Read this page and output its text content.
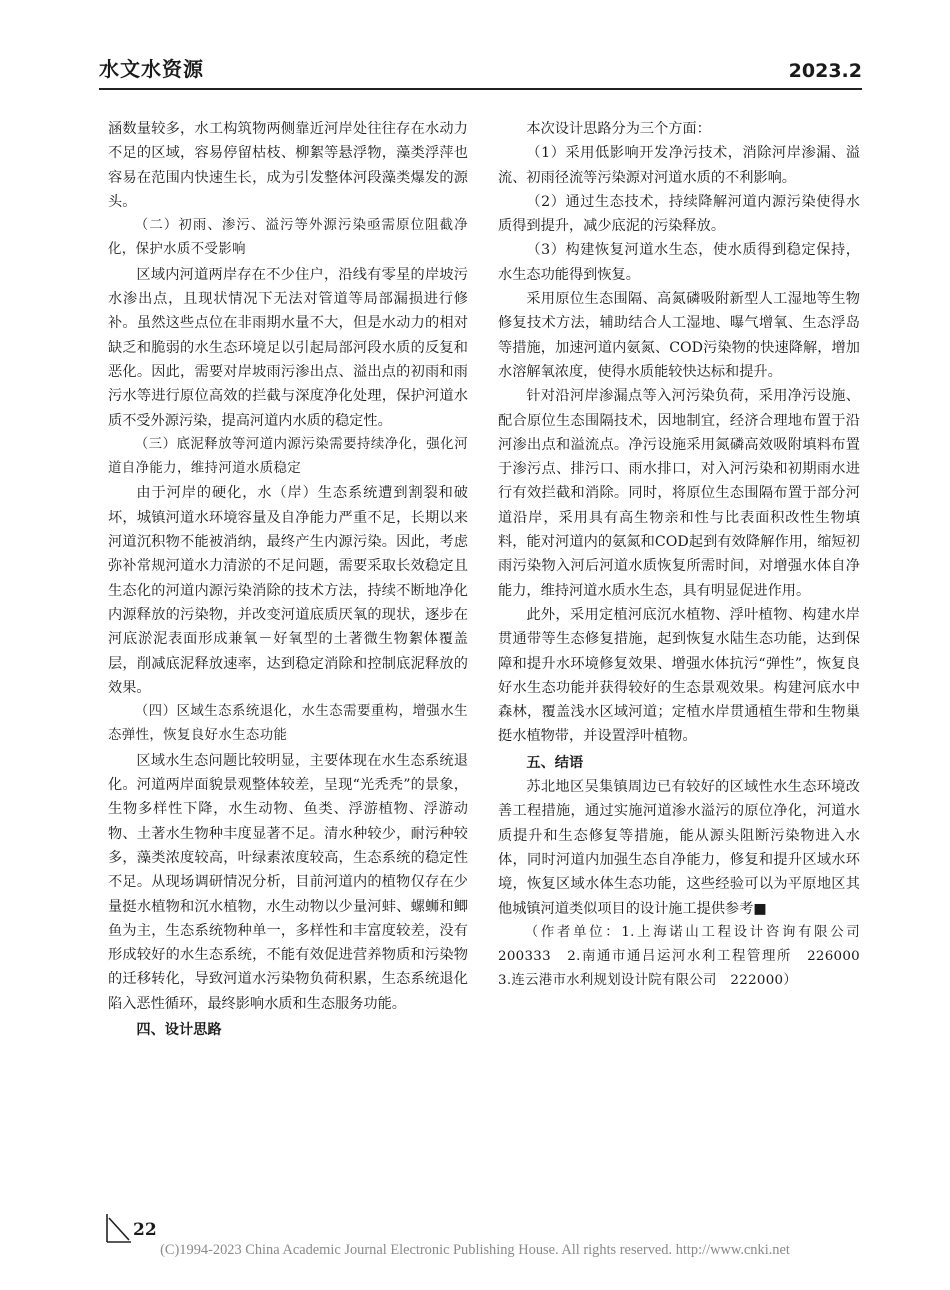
水文水资源	2023.2

涵数量较多，水工构筑物两侧靠近河岸处往往存在水动力不足的区域，容易停留枯枝、柳絮等悬浮物，藻类浮萍也容易在范围内快速生长，成为引发整体河段藻类爆发的源头。

（二）初雨、渗污、溢污等外源污染亟需原位阻截净化，保护水质不受影响

区域内河道两岸存在不少住户，沿线有零星的岸坡污水渗出点，且现状情况下无法对管道等局部漏损进行修补。虽然这些点位在非雨期水量不大，但是水动力的相对缺乏和脆弱的水生态环境足以引起局部河段水质的反复和恶化。因此，需要对岸坡雨污渗出点、溢出点的初雨和雨污水等进行原位高效的拦截与深度净化处理，保护河道水质不受外源污染，提高河道内水质的稳定性。

（三）底泥释放等河道内源污染需要持续净化，强化河道自净能力，维持河道水质稳定

由于河岸的硬化，水（岸）生态系统遭到割裂和破坏，城镇河道水环境容量及自净能力严重不足，长期以来河道沉积物不能被消纳，最终产生内源污染。因此，考虑弥补常规河道水力清淤的不足问题，需要采取长效稳定且生态化的河道内源污染消除的技术方法，持续不断地净化内源释放的污染物，并改变河道底质厌氧的现状，逐步在河底淤泥表面形成兼氧－好氧型的土著微生物絮体覆盖层，削减底泥释放速率，达到稳定消除和控制底泥释放的效果。

（四）区域生态系统退化，水生态需要重构，增强水生态弹性，恢复良好水生态功能

区域水生态问题比较明显，主要体现在水生态系统退化。河道两岸面貌景观整体较差，呈现“光秃秃”的景象，生物多样性下降，水生动物、鱼类、浮游植物、浮游动物、土著水生物种丰度显著不足。清水种较少，耐污种较多，藻类浓度较高，叶绿素浓度较高，生态系统的稳定性不足。从现场调研情况分析，目前河道内的植物仅存在少量挺水植物和沉水植物，水生动物以少量河蚌、螺蛳和鲫鱼为主，生态系统物种单一，多样性和丰富度较差，没有形成较好的水生态系统，不能有效促进营养物质和污染物的迁移转化，导致河道水污染物负荷积累，生态系统退化陷入恶性循环，最终影响水质和生态服务功能。

四、设计思路

本次设计思路分为三个方面：

（1）采用低影响开发净污技术，消除河岸渗漏、溢流、初雨径流等污染源对河道水质的不利影响。

（2）通过生态技术，持续降解河道内源污染使得水质得到提升，减少底泥的污染释放。

（3）构建恢复河道水生态，使水质得到稳定保持，水生态功能得到恢复。

采用原位生态围隔、高氮磷吸附新型人工湿地等生物修复技术方法，辅助结合人工湿地、曝气增氧、生态浮岛等措施，加速河道内氨氮、COD污染物的快速降解，增加水溶解氧浓度，使得水质能较快达标和提升。

针对沿河岸渗漏点等入河污染负荷，采用净污设施、配合原位生态围隔技术，因地制宜，经济合理地布置于沿河渗出点和溢流点。净污设施采用氮磷高效吸附填料布置于渗污点、排污口、雨水排口，对入河污染和初期雨水进行有效拦截和消除。同时，将原位生态围隔布置于部分河道沿岸，采用具有高生物亲和性与比表面积改性生物填料，能对河道内的氨氮和COD起到有效降解作用，缩短初雨污染物入河后河道水质恢复所需时间，对增强水体自净能力，维持河道水质水生态，具有明显促进作用。

此外，采用定植河底沉水植物、浮叶植物、构建水岸贯通带等生态修复措施，起到恢复水陆生态功能，达到保障和提升水环境修复效果、增强水体抗污“弹性”，恢复良好水生态功能并获得较好的生态景观效果。构建河底水中森林，覆盖浅水区域河道；定植水岸贯通植生带和生物巢挺水植物带，并设置浮叶植物。

五、结语

苏北地区吴集镇周边已有较好的区域性水生态环境改善工程措施，通过实施河道渗水溢污的原位净化，河道水质提升和生态修复等措施，能从源头阻断污染物进入水体，同时河道内加强生态自净能力，修复和提升区域水环境，恢复区域水体生态功能，这些经验可以为平原地区其他城镇河道类似项目的设计施工提供参考■

（作者单位：1.上海诺山工程设计咨询有限公司　200333　2.南通市通吕运河水利工程管理所　226000　3.连云港市水利规划设计院有限公司　222000）

22
(C)1994-2023 China Academic Journal Electronic Publishing House. All rights reserved. http://www.cnki.net
